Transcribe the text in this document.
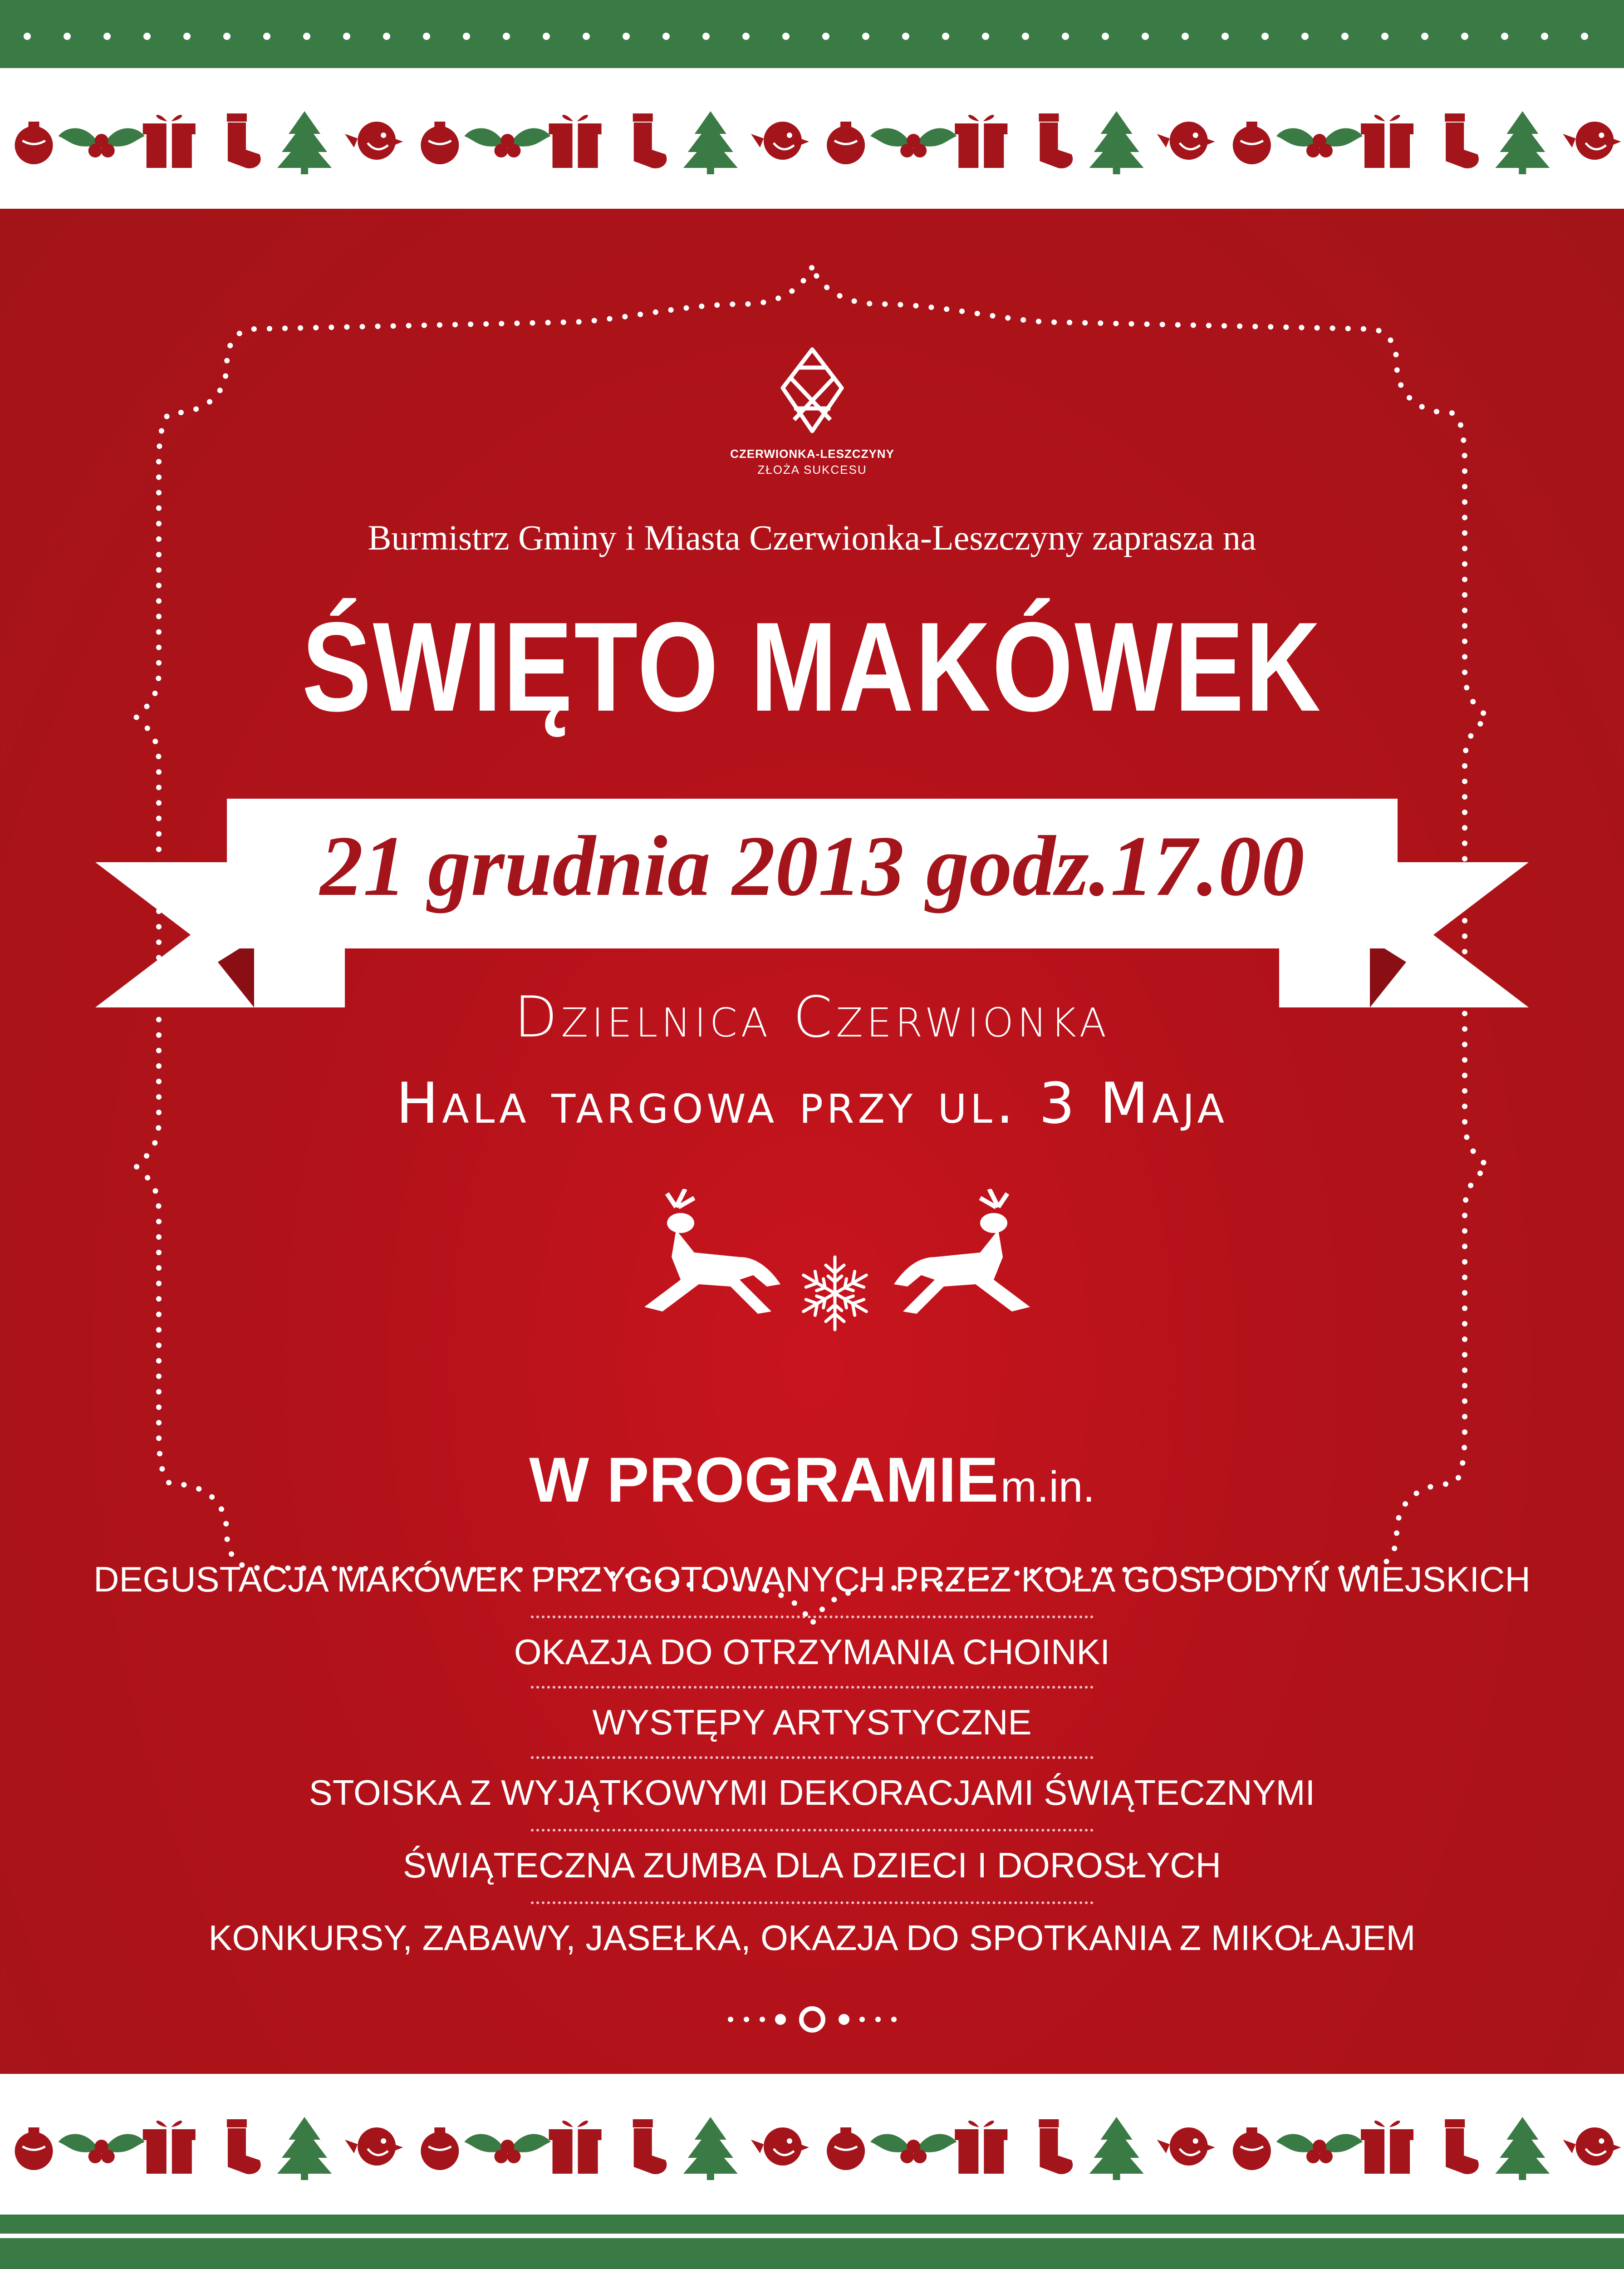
CZERWIONKA-LESZCZYNY
ZŁOŻA SUKCESU
Burmistrz Gminy i Miasta Czerwionka-Leszczyny zaprasza na
ŚWIĘTO MAKÓWEK
21 grudnia 2013 godz.17.00
Dzielnica Czerwionka
Hala targowa przy ul. 3 Maja
W PROGRAMIE m.in.
DEGUSTACJA MAKÓWEK PRZYGOTOWANYCH PRZEZ KOŁA GOSPODYŃ WIEJSKICH
OKAZJA DO OTRZYMANIA CHOINKI
WYSTĘPY ARTYSTYCZNE
STOISKA Z WYJĄTKOWYMI DEKORACJAMI ŚWIĄTECZNYMI
ŚWIĄTECZNA ZUMBA DLA DZIECI I DOROSŁYCH
KONKURSY, ZABAWY, JASEŁKA, OKAZJA DO SPOTKANIA Z MIKOŁAJEM
